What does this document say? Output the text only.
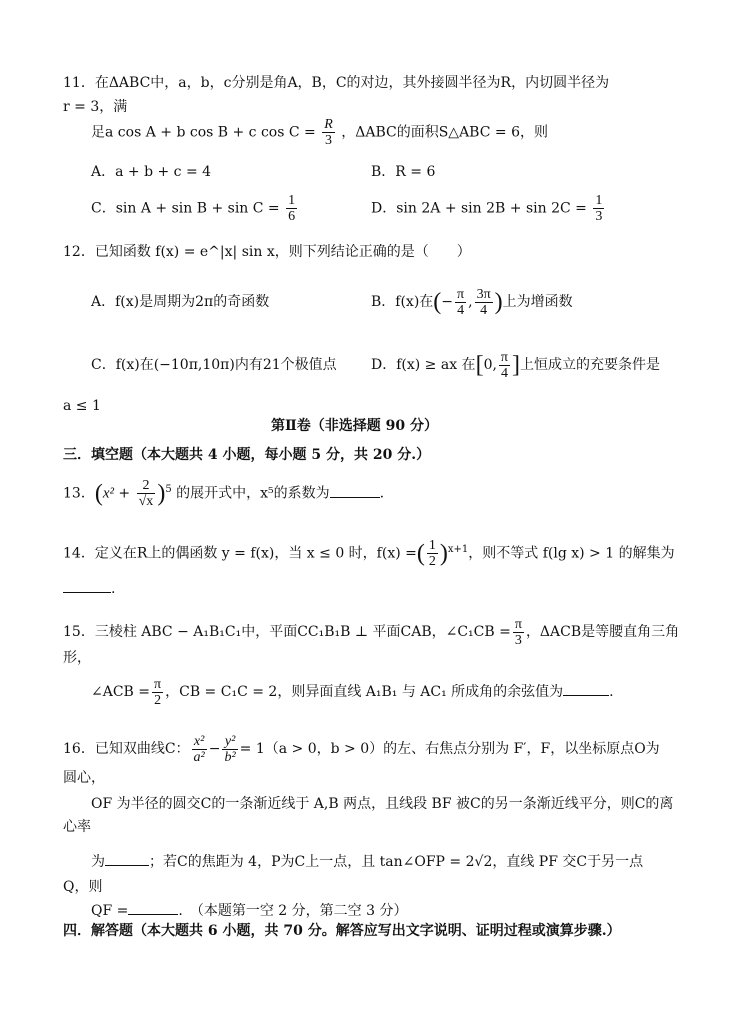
11．在ΔABC中，a，b，c分别是角A，B，C的对边，其外接圆半径为R，内切圆半径为
r = 3，满
足a cos A + b cos B + c $\cos C = \frac{R}{3}$ ，ΔABC的面积S△ABC = 6，则
A．a + b + c = 4	B．R = 6
C．$\sin A + \sin B + \sin C = \frac{1}{6}$	D．$\sin 2A + \sin 2B + \sin 2C = \frac{1}{3}$
12．已知函数 f(x) = e^|x| sin x，则下列结论正确的是（　　）
A．f(x)是周期为2π的奇函数	B．f(x)在(− $\frac{\pi}{4}$ , $\frac{3\pi}{4}$ )上为增函数
C．f(x)在(−10π,10π)内有21个极值点 D．f(x) ≥ ax 在[0, $\frac{\pi}{4}$ ]上恒成立的充要条件是
a ≤ 1
第Ⅱ卷（非选择题 90 分）
三．填空题（本大题共 4 小题，每小题 5 分，共 20 分.）
13．$(x^2 + \frac{2}{√x} )^5$ 的展开式中，x⁵的系数为	.
14．定义在R上的偶函数 y = f(x)，当 x ≤ 0 时，f(x) =( $\frac{1}{2} )^{x+1}$，则不等式 f(lg x) > 1 的解集为
.
15．三棱柱 ABC − A₁B₁C₁中，平面CC₁B₁B ⊥ 平面CAB，∠C₁CB = $\frac{\pi}{3}$ ，ΔACB是等腰直角三角
形，
∠ACB = $\frac{\pi}{2}$ ，CB = C₁C = 2，则异面直线 A₁B₁ 与 AC₁ 所成角的余弦值为	.
16．已知双曲线C： $\frac{\text{x²}}{\text{a²}} - \frac{\text{y²}}{\text{b²}} = 1(a > 0$，b > 0）的左、右焦点分别为 F′，F，以坐标原点O为
圆心，
OF 为半径的圆交C的一条渐近线于 A,B 两点，且线段 BF 被C的另一条渐近线平分，则C的离
心率
为	；若C的焦距为 4，P为C上一点，且 tan∠OFP = 2√2，直线 PF 交C于另一点
Q，则
QF =	.　（本题第一空 2 分，第二空 3 分）
四．解答题（本大题共 6 小题，共 70 分。解答应写出文字说明、证明过程或演算步骤.）
